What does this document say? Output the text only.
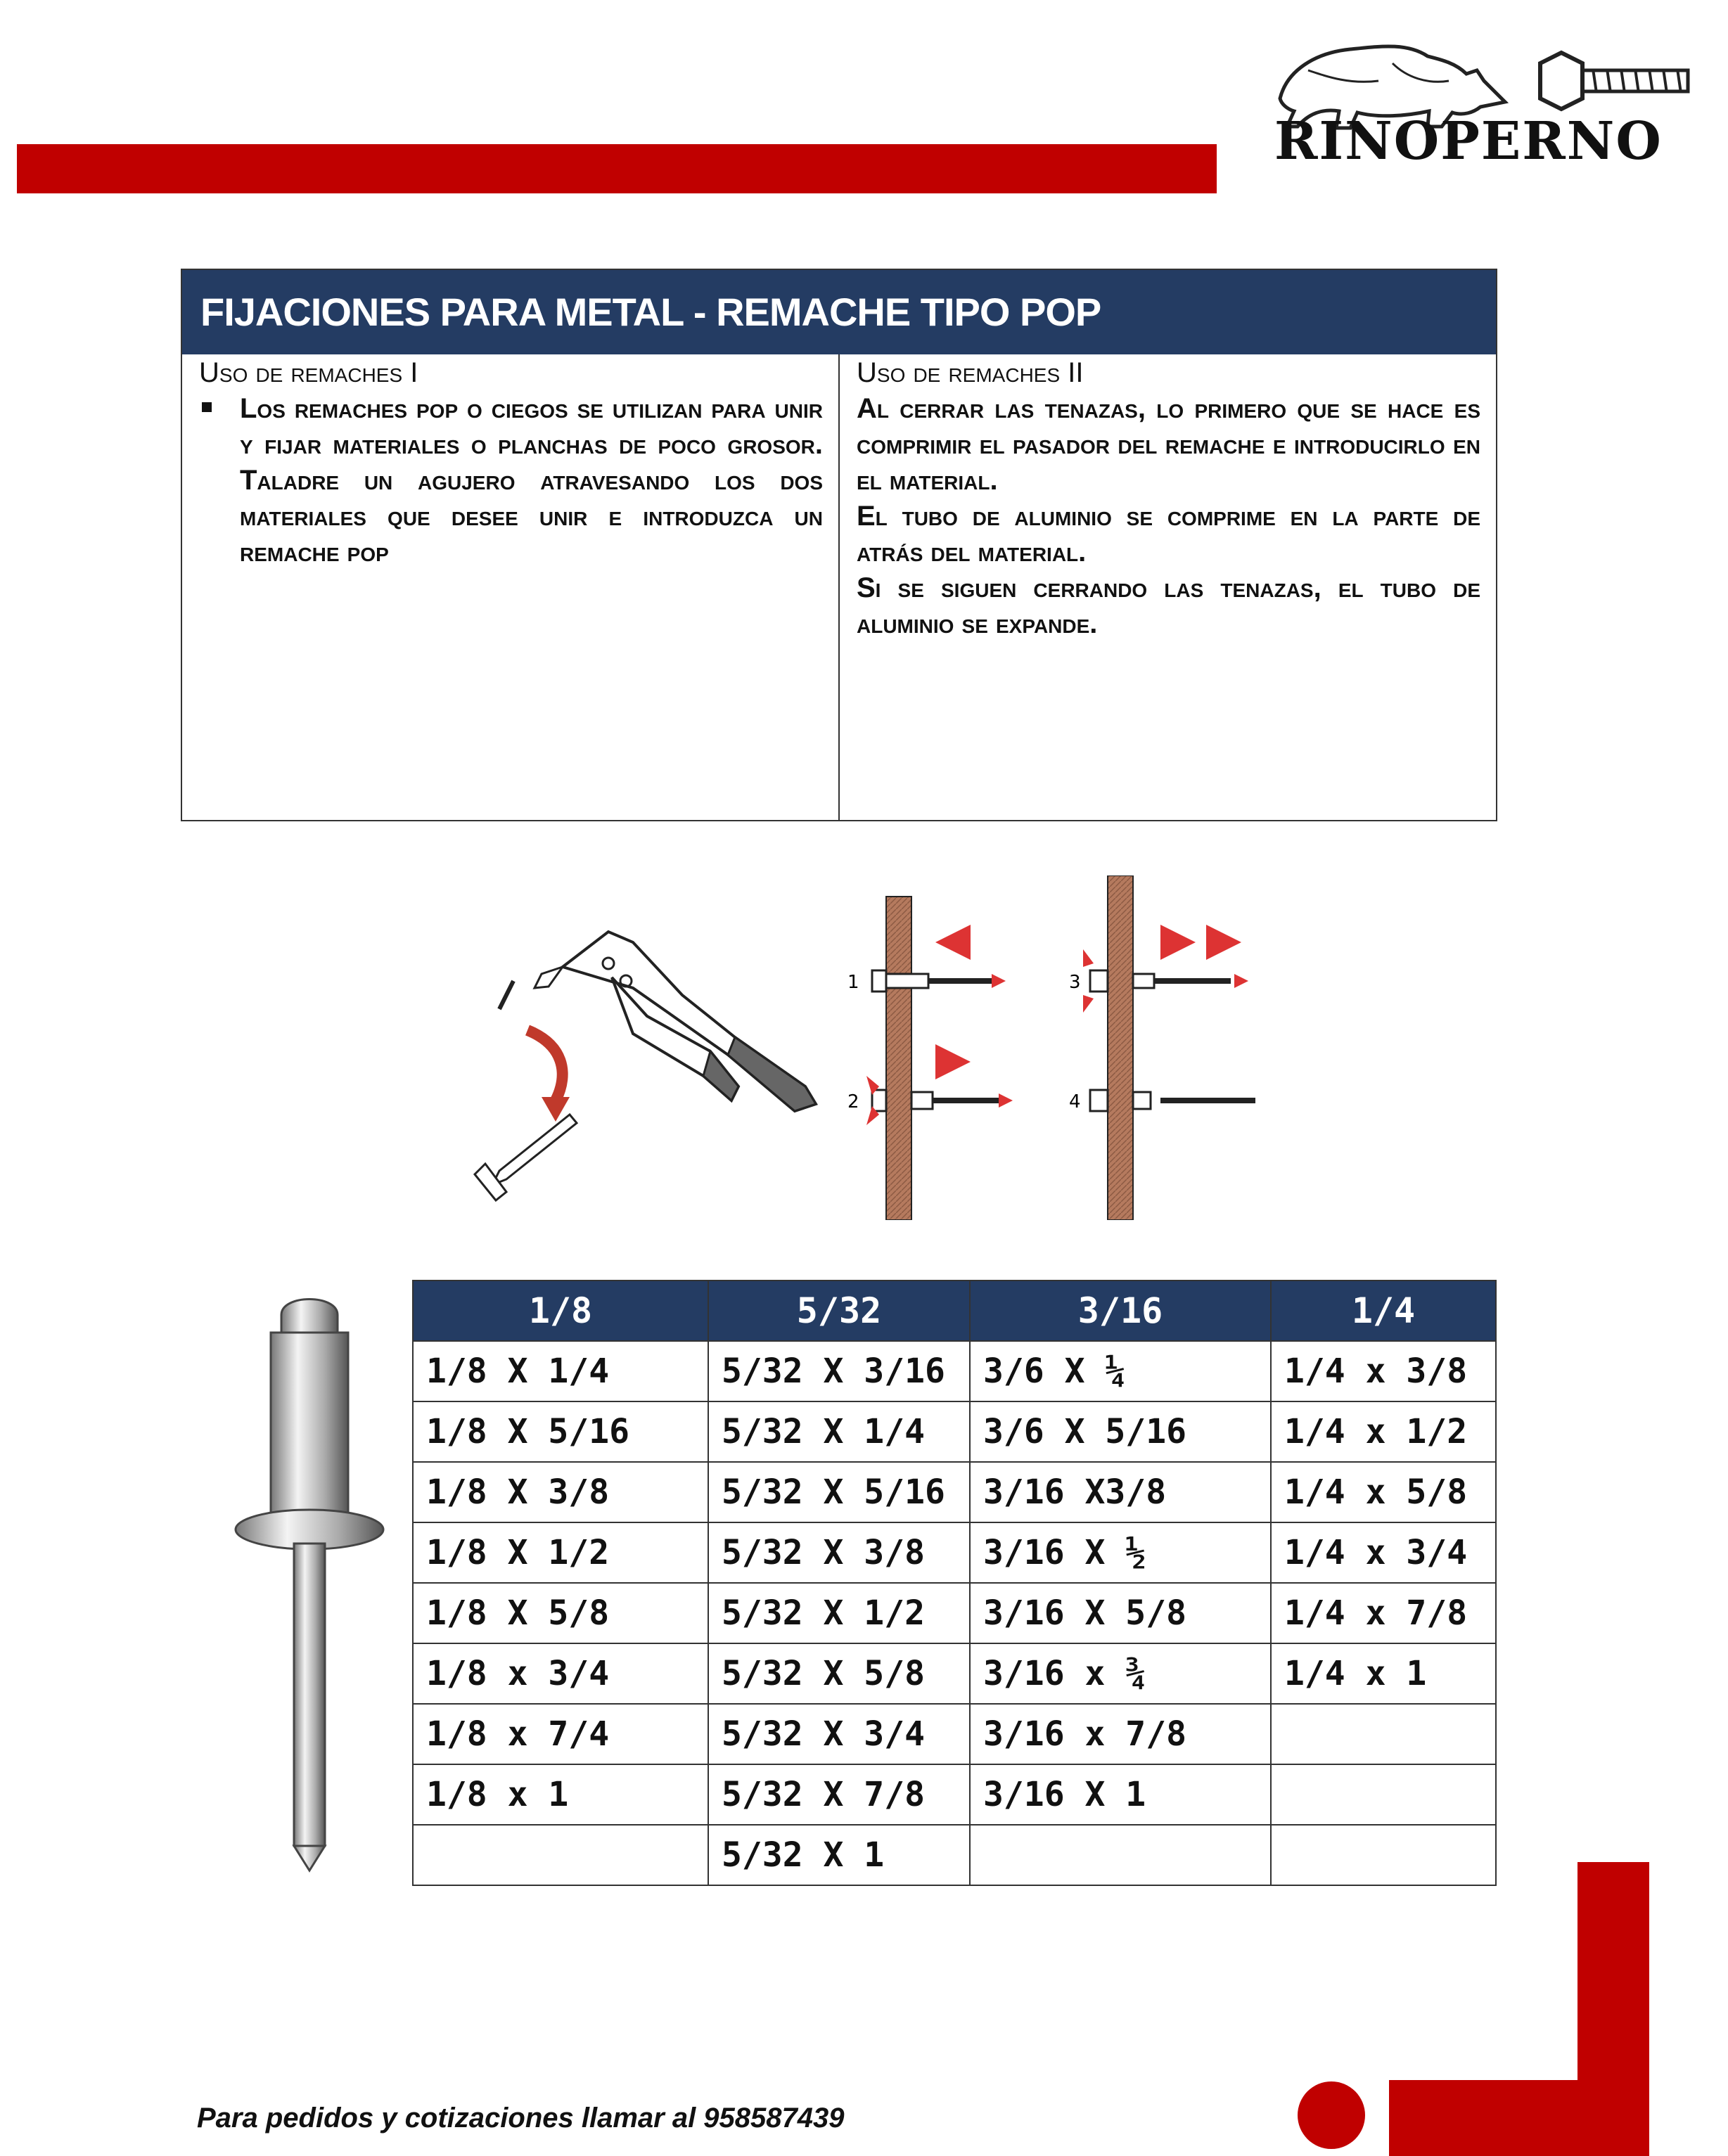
RINOPERNO
FIJACIONES PARA METAL - REMACHE TIPO POP
Uso de remaches I

Los remaches pop o ciegos se utilizan para unir y fijar materiales o planchas de poco grosor. Taladre un agujero atravesando los dos materiales que desee unir e introduzca un remache pop

Uso de remaches II

Al cerrar las tenazas, lo primero que se hace es comprimir el pasador del remache e introducirlo en el material.

El tubo de aluminio se comprime en la parte de atrás del material.

Si se siguen cerrando las tenazas, el tubo de aluminio se expande.

1
2
3
4
1/8	5/32	3/16	1/4
1/8 X 1/4	5/32 X 3/16	3/6 X ¼	1/4 x 3/8
1/8 X 5/16	5/32 X 1/4	3/6 X 5/16	1/4 x 1/2
1/8 X 3/8	5/32 X 5/16	3/16 X3/8	1/4 x 5/8
1/8 X 1/2	5/32 X 3/8	3/16 X ½	1/4 x 3/4
1/8 X 5/8	5/32 X 1/2	3/16 X 5/8	1/4 x 7/8
1/8 x 3/4	5/32 X 5/8	3/16 x ¾	1/4 x 1
1/8 x 7/4	5/32 X 3/4	3/16 x 7/8	
1/8 x 1	5/32 X 7/8	3/16 X 1	
	5/32 X 1		
Para pedidos y cotizaciones llamar al 958587439
